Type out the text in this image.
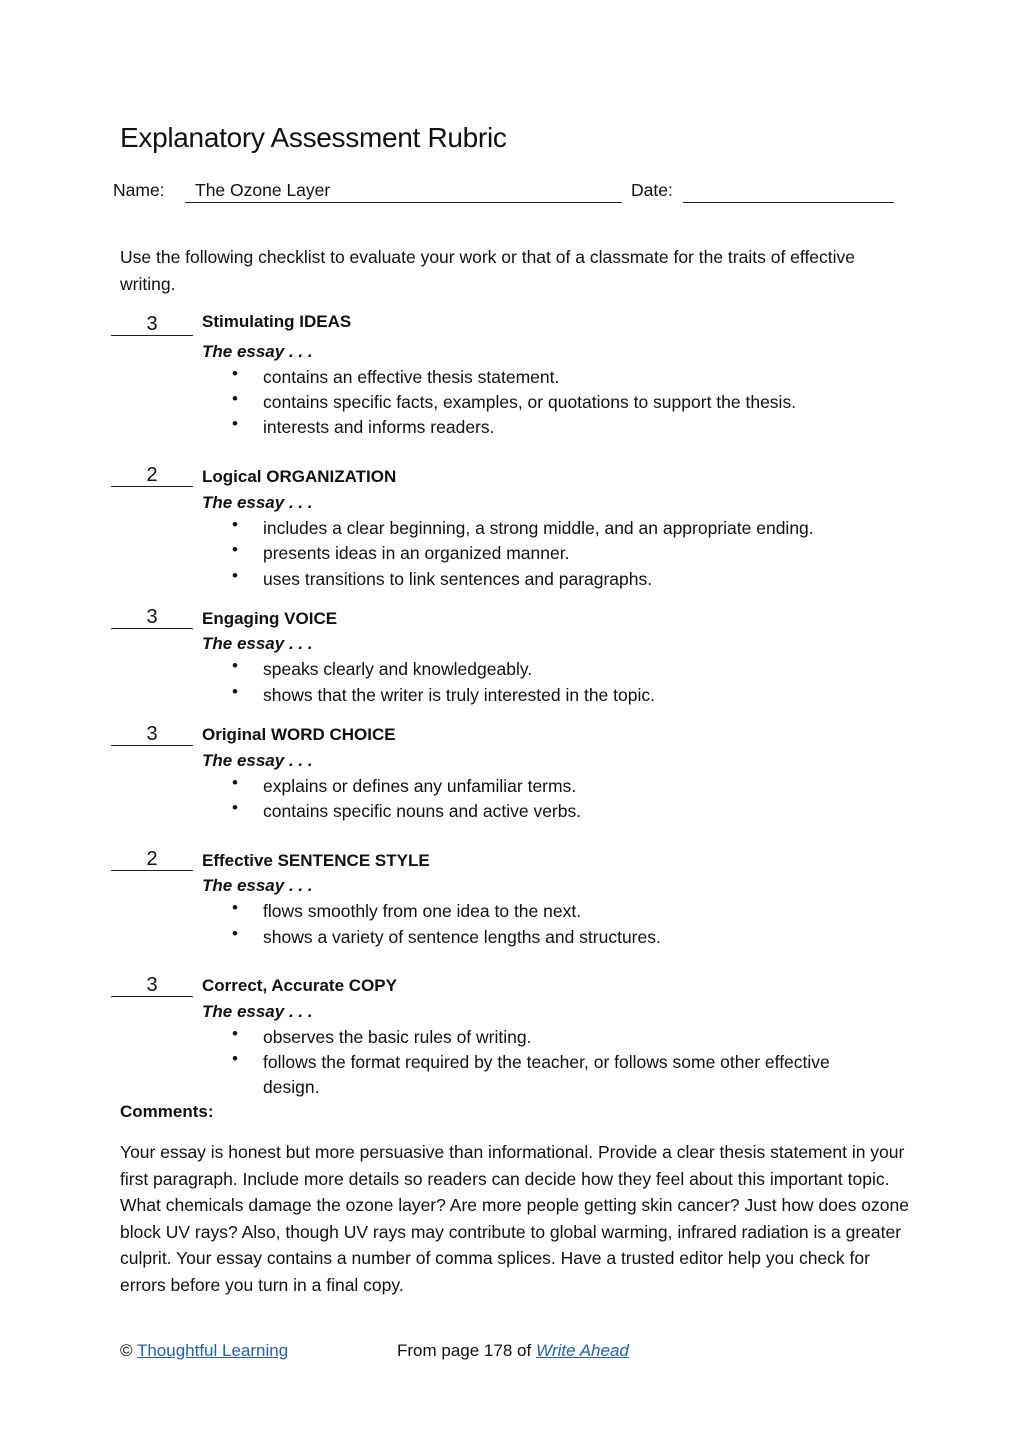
Explanatory Assessment Rubric
Name: The Ozone Layer	Date:
Use the following checklist to evaluate your work or that of a classmate for the traits of effective writing.
3	Stimulating IDEAS
The essay . . .
• contains an effective thesis statement.
• contains specific facts, examples, or quotations to support the thesis.
• interests and informs readers.
2	Logical ORGANIZATION
The essay . . .
• includes a clear beginning, a strong middle, and an appropriate ending.
• presents ideas in an organized manner.
• uses transitions to link sentences and paragraphs.
3	Engaging VOICE
The essay . . .
• speaks clearly and knowledgeably.
• shows that the writer is truly interested in the topic.
3	Original WORD CHOICE
The essay . . .
• explains or defines any unfamiliar terms.
• contains specific nouns and active verbs.
2	Effective SENTENCE STYLE
The essay . . .
• flows smoothly from one idea to the next.
• shows a variety of sentence lengths and structures.
3	Correct, Accurate COPY
The essay . . .
• observes the basic rules of writing.
• follows the format required by the teacher, or follows some other effective design.
Comments:
Your essay is honest but more persuasive than informational. Provide a clear thesis statement in your first paragraph. Include more details so readers can decide how they feel about this important topic. What chemicals damage the ozone layer? Are more people getting skin cancer? Just how does ozone block UV rays? Also, though UV rays may contribute to global warming, infrared radiation is a greater culprit. Your essay contains a number of comma splices. Have a trusted editor help you check for errors before you turn in a final copy.
© Thoughtful Learning	From page 178 of Write Ahead
